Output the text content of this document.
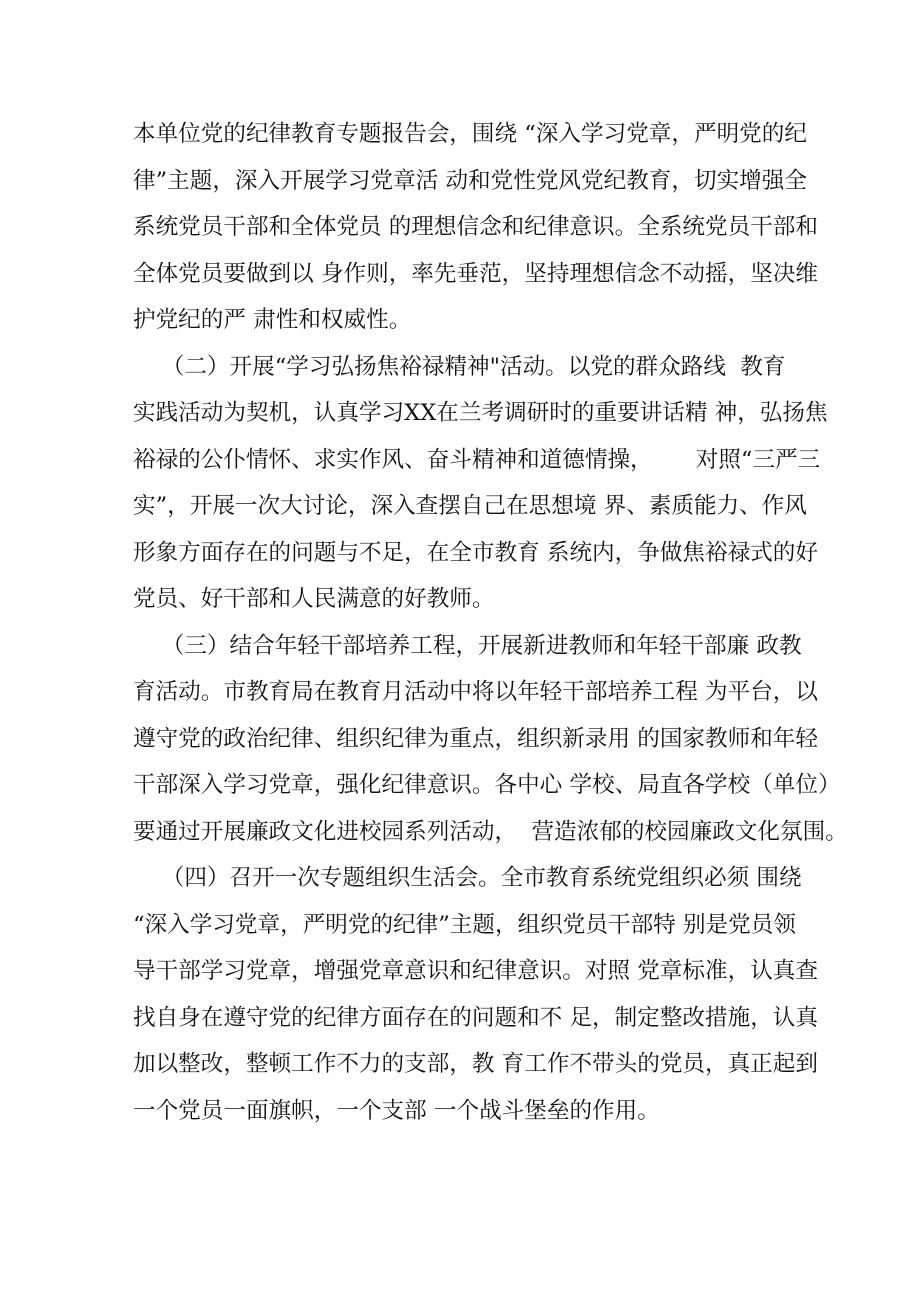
本单位党的纪律教育专题报告会，围绕 “深入学习党章，严明党的纪
律”主题，深入开展学习党章活 动和党性党风党纪教育，切实增强全
系统党员干部和全体党员 的理想信念和纪律意识。全系统党员干部和
全体党员要做到以 身作则，率先垂范，坚持理想信念不动摇，坚决维
护党纪的严 肃性和权威性。
（二）开展“学习弘扬焦裕禄精神"活动。以党的群众路线  教育
实践活动为契机，认真学习XX在兰考调研时的重要讲话精 神，弘扬焦
裕禄的公仆情怀、求实作风、奋斗精神和道德情操，      对照“三严三
实”，开展一次大讨论，深入查摆自己在思想境 界、素质能力、作风
形象方面存在的问题与不足，在全市教育 系统内，争做焦裕禄式的好
党员、好干部和人民满意的好教师。
（三）结合年轻干部培养工程，开展新进教师和年轻干部廉 政教
育活动。市教育局在教育月活动中将以年轻干部培养工程 为平台，以
遵守党的政治纪律、组织纪律为重点，组织新录用 的国家教师和年轻
干部深入学习党章，强化纪律意识。各中心 学校、局直各学校（单位）
要通过开展廉政文化进校园系列活动，  营造浓郁的校园廉政文化氛围。
（四）召开一次专题组织生活会。全市教育系统党组织必须 围绕
“深入学习党章，严明党的纪律”主题，组织党员干部特 别是党员领
导干部学习党章，增强党章意识和纪律意识。对照 党章标准，认真查
找自身在遵守党的纪律方面存在的问题和不 足，制定整改措施，认真
加以整改，整顿工作不力的支部，教 育工作不带头的党员，真正起到
一个党员一面旗帜，一个支部 一个战斗堡垒的作用。
